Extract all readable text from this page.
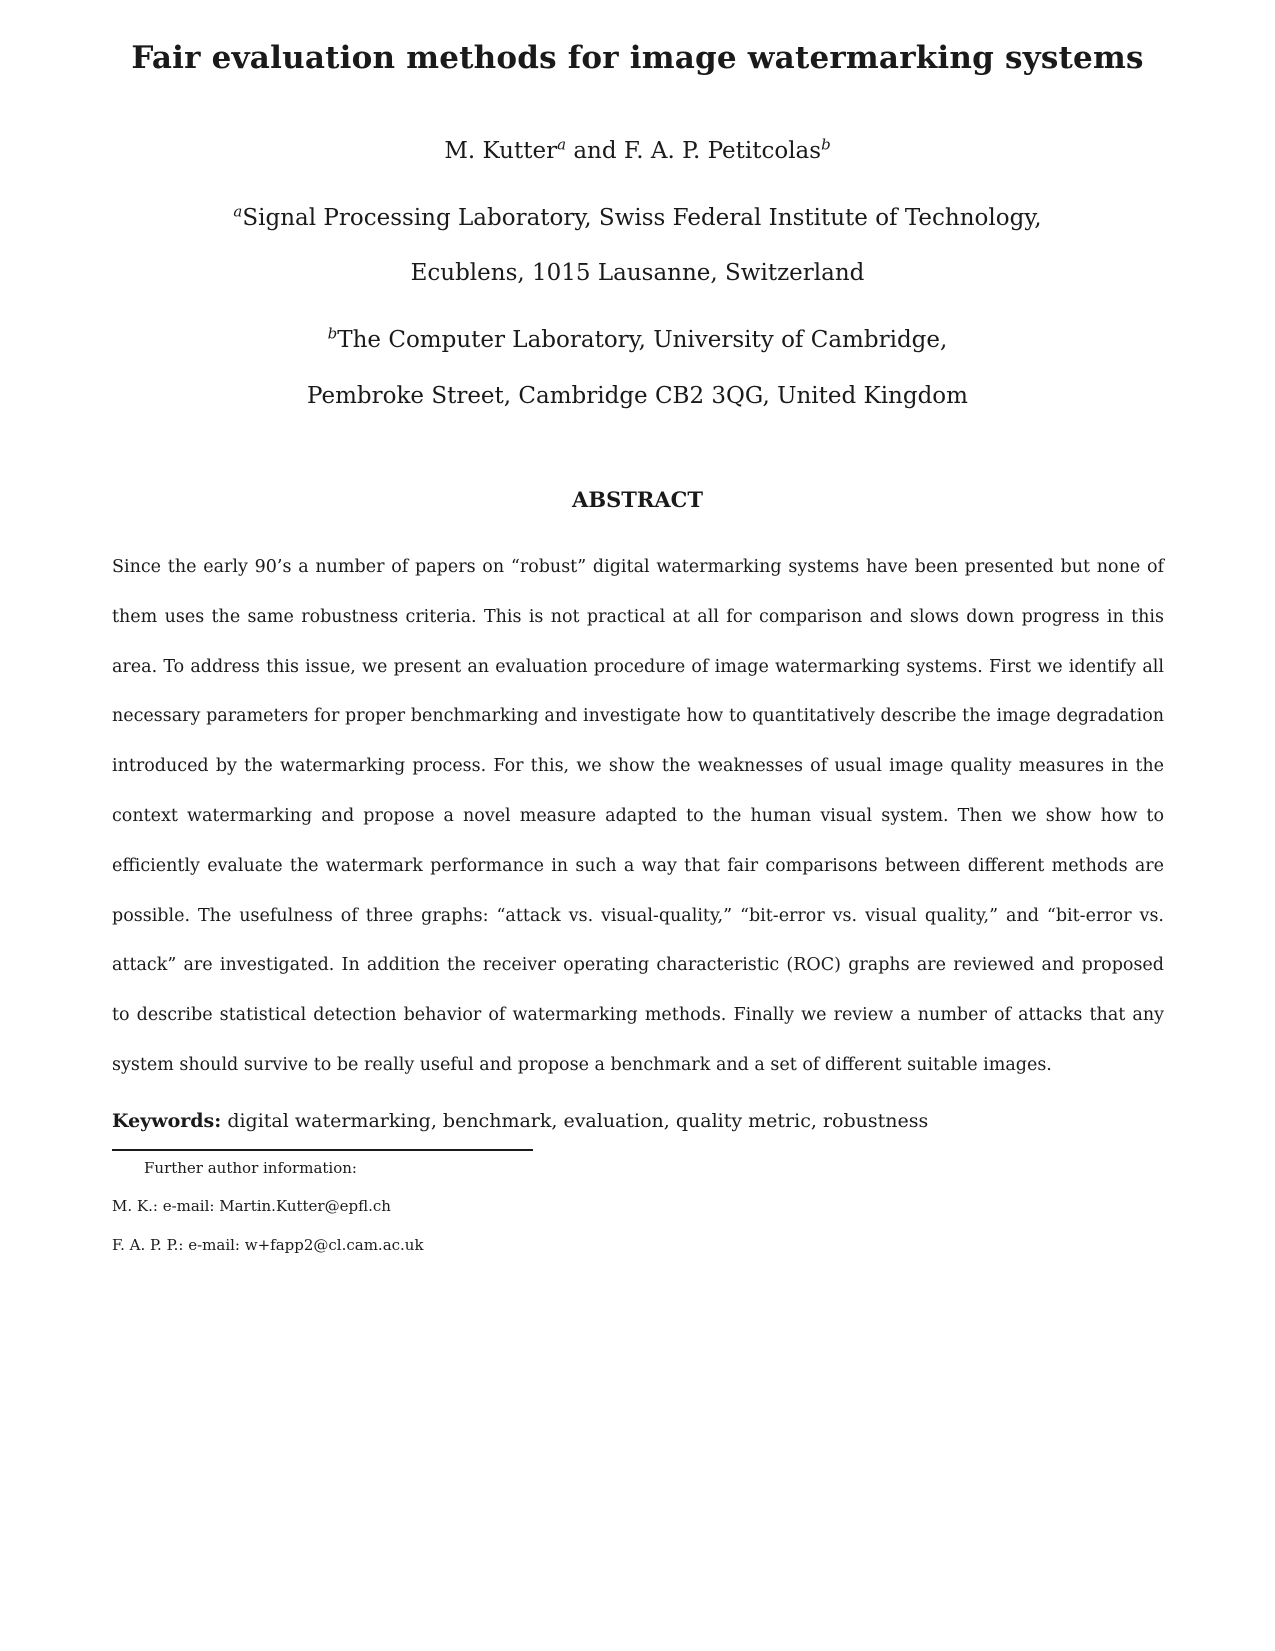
Fair evaluation methods for image watermarking systems
M. Kutter$^a$ and F. A. P. Petitcolas$^b$
$^a$Signal Processing Laboratory, Swiss Federal Institute of Technology,
Ecublens, 1015 Lausanne, Switzerland
$^b$The Computer Laboratory, University of Cambridge,
Pembroke Street, Cambridge CB2 3QG, United Kingdom
ABSTRACT

Since the early 90’s a number of papers on “robust” digital watermarking systems have been presented but none of them uses the same robustness criteria. This is not practical at all for comparison and slows down progress in this area. To address this issue, we present an evaluation procedure of image watermarking systems. First we identify all necessary parameters for proper benchmarking and investigate how to quantitatively describe the image degradation introduced by the watermarking process. For this, we show the weaknesses of usual image quality measures in the context watermarking and propose a novel measure adapted to the human visual system. Then we show how to efficiently evaluate the watermark performance in such a way that fair comparisons between different methods are possible. The usefulness of three graphs: “attack vs. visual-quality,” “bit-error vs. visual quality,” and “bit-error vs. attack” are investigated. In addition the receiver operating characteristic (ROC) graphs are reviewed and proposed to describe statistical detection behavior of watermarking methods. Finally we review a number of attacks that any system should survive to be really useful and propose a benchmark and a set of different suitable images.

Keywords: digital watermarking, benchmark, evaluation, quality metric, robustness

Further author information:

M. K.: e-mail: Martin.Kutter@epfl.ch

F. A. P. P.: e-mail: w+fapp2@cl.cam.ac.uk
